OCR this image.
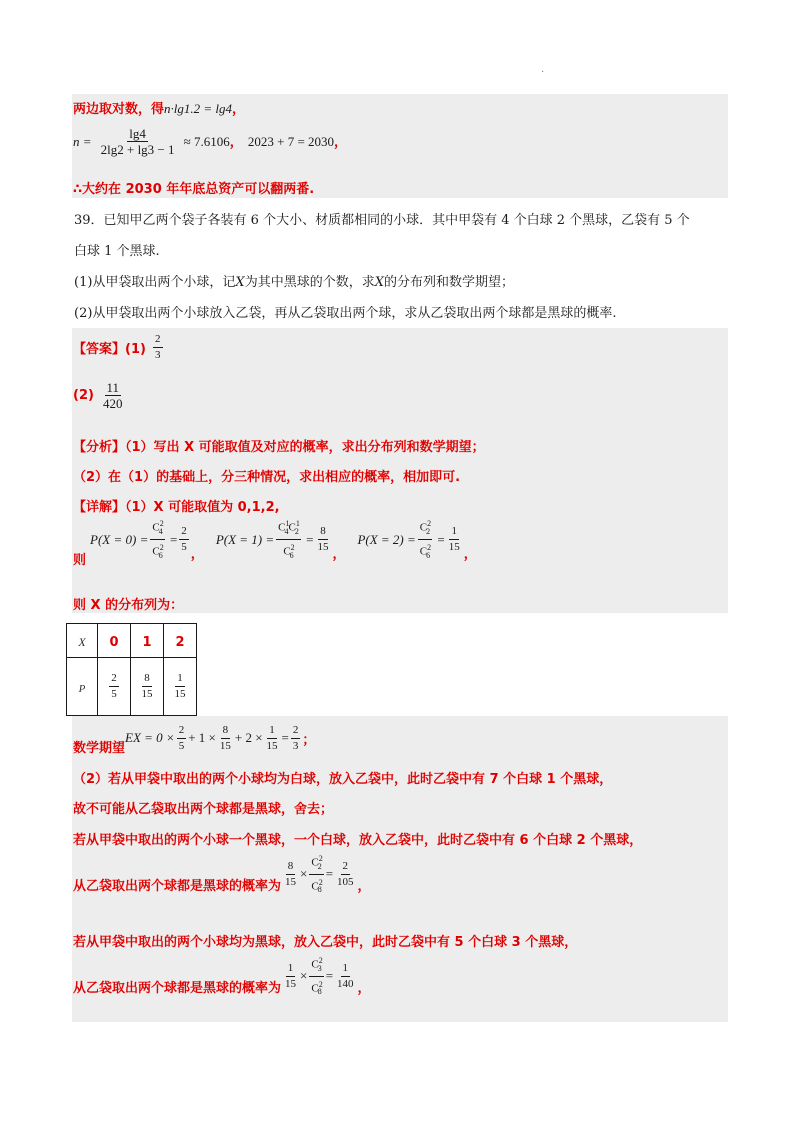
.
两边取对数，得n·lg1.2 = lg4，
$n = \frac{\lg 4}{2\lg 2 + \lg 3 - 1} \approx 7.6106$， 2023 + 7 = 2030，
∴大约在 2030 年年底总资产可以翻两番.
39．已知甲乙两个袋子各装有 6 个大小、材质都相同的小球．其中甲袋有 4 个白球 2 个黑球，乙袋有 5 个
白球 1 个黑球.
(1)从甲袋取出两个小球，记X为其中黑球的个数，求X的分布列和数学期望；
(2)从甲袋取出两个小球放入乙袋，再从乙袋取出两个球，求从乙袋取出两个球都是黑球的概率.
【答案】$(1) \frac{2}{3}$
$(2) \frac{11}{420}$
【分析】（1）写出 X 可能取值及对应的概率，求出分布列和数学期望；
（2）在（1）的基础上，分三种情况，求出相应的概率，相加即可.
【详解】（1）X 可能取值为 0,1,2,
则
$P(X = 0) = \frac{C^2_4}{C^2_6} = \frac{2}{5}$
，
$P(X = 1) = \frac{C^1_4C^1_2}{C^2_6} = \frac{8}{15}$
，
$P(X = 2) = \frac{C^2_2}{C^2_6} = \frac{1}{15}$
，
则 X 的分布列为：
X	0	1	2
P	$\frac{2}{5}$	$\frac{8}{15}$	$\frac{1}{15}$
数学期望
EX = $0 \times \frac{2}{5} + 1 \times \frac{8}{15} + 2 \times \frac{1}{15} = \frac{2}{3}$ ；
（2）若从甲袋中取出的两个小球均为白球，放入乙袋中，此时乙袋中有 7 个白球 1 个黑球，
故不可能从乙袋取出两个球都是黑球，舍去；
若从甲袋中取出的两个小球一个黑球，一个白球，放入乙袋中，此时乙袋中有 6 个白球 2 个黑球，
从乙袋取出两个球都是黑球的概率为 $\frac{8}{15} \times \frac{C^2_2}{C^2_8} = \frac{2}{105}$ ，
若从甲袋中取出的两个小球均为黑球，放入乙袋中，此时乙袋中有 5 个白球 3 个黑球，
从乙袋取出两个球都是黑球的概率为 $\frac{1}{15} \times \frac{C^2_3}{C^2_8} = \frac{1}{140}$ ，
